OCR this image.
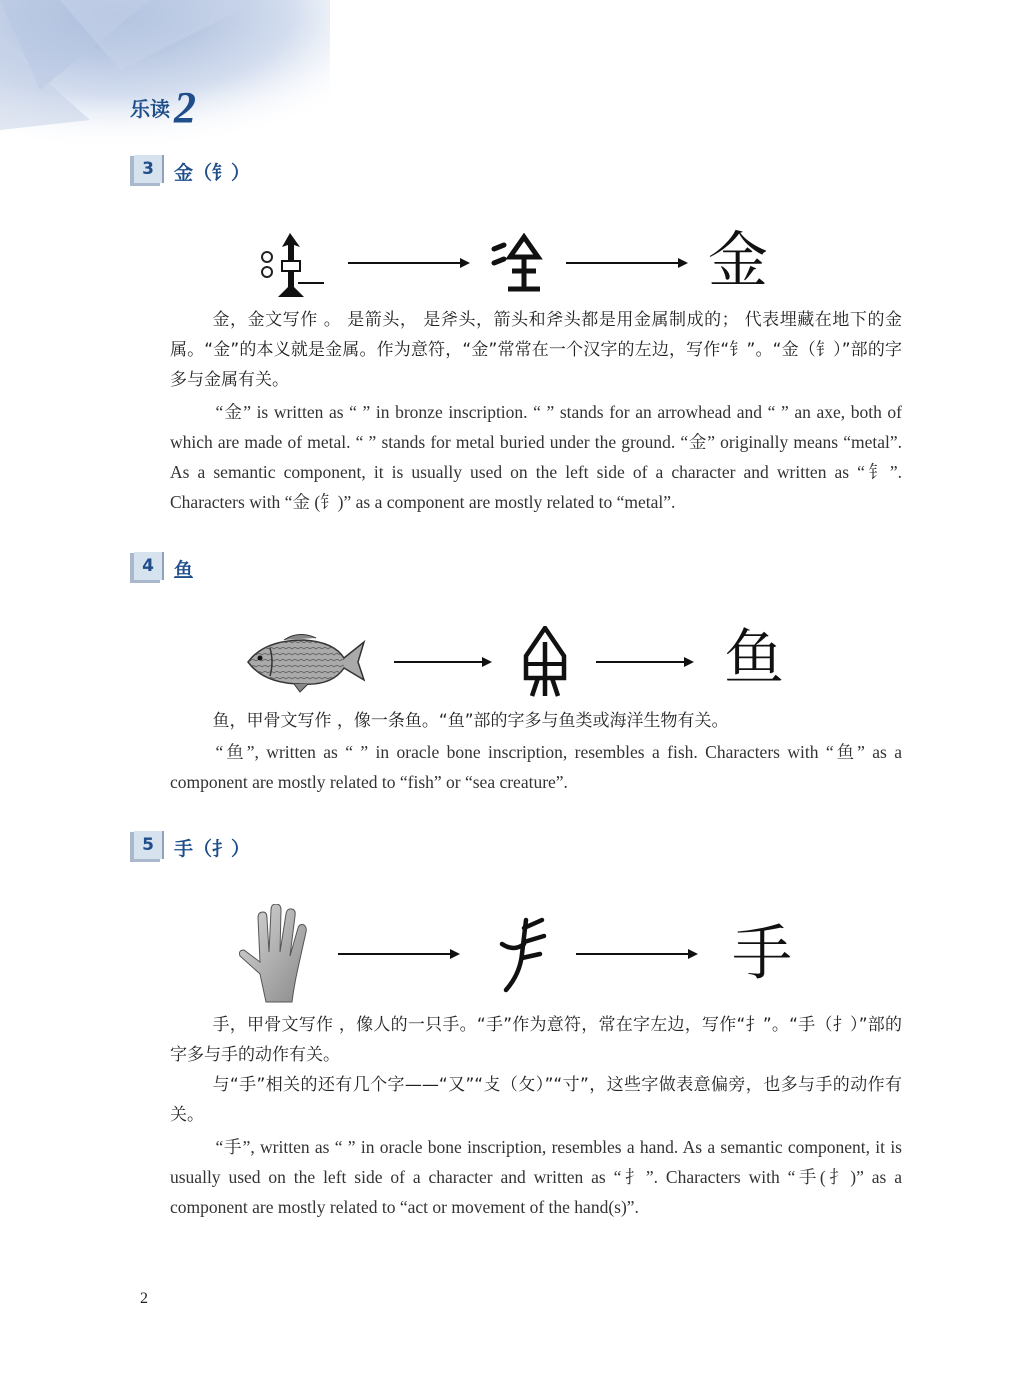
乐读 2
3	金（钅）
金

金，金文写作 。 是箭头， 是斧头，箭头和斧头都是用金属制成的； 代表埋藏在地下的金属。“金”的本义就是金属。作为意符，“金”常常在一个汉字的左边，写作“钅”。“金（钅）”部的字多与金属有关。

“金” is written as “ ” in bronze inscription. “ ” stands for an arrowhead and “ ” an axe, both of which are made of metal. “ ” stands for metal buried under the ground. “金” originally means “metal”. As a semantic component, it is usually used on the left side of a character and written as “钅”. Characters with “金 (钅)” as a component are mostly related to “metal”.

4	鱼
鱼

鱼，甲骨文写作 ，像一条鱼。“鱼”部的字多与鱼类或海洋生物有关。

“鱼”, written as “ ” in oracle bone inscription, resembles a fish. Characters with “鱼” as a component are mostly related to “fish” or “sea creature”.

5	手（扌）
手

手，甲骨文写作 ，像人的一只手。“手”作为意符，常在字左边，写作“扌”。“手（扌）”部的字多与手的动作有关。

与“手”相关的还有几个字——“又”“攴（攵）”“寸”，这些字做表意偏旁，也多与手的动作有关。

“手”, written as “ ” in oracle bone inscription, resembles a hand. As a semantic component, it is usually used on the left side of a character and written as “扌”. Characters with “手(扌)” as a component are mostly related to “act or movement of the hand(s)”.

2
